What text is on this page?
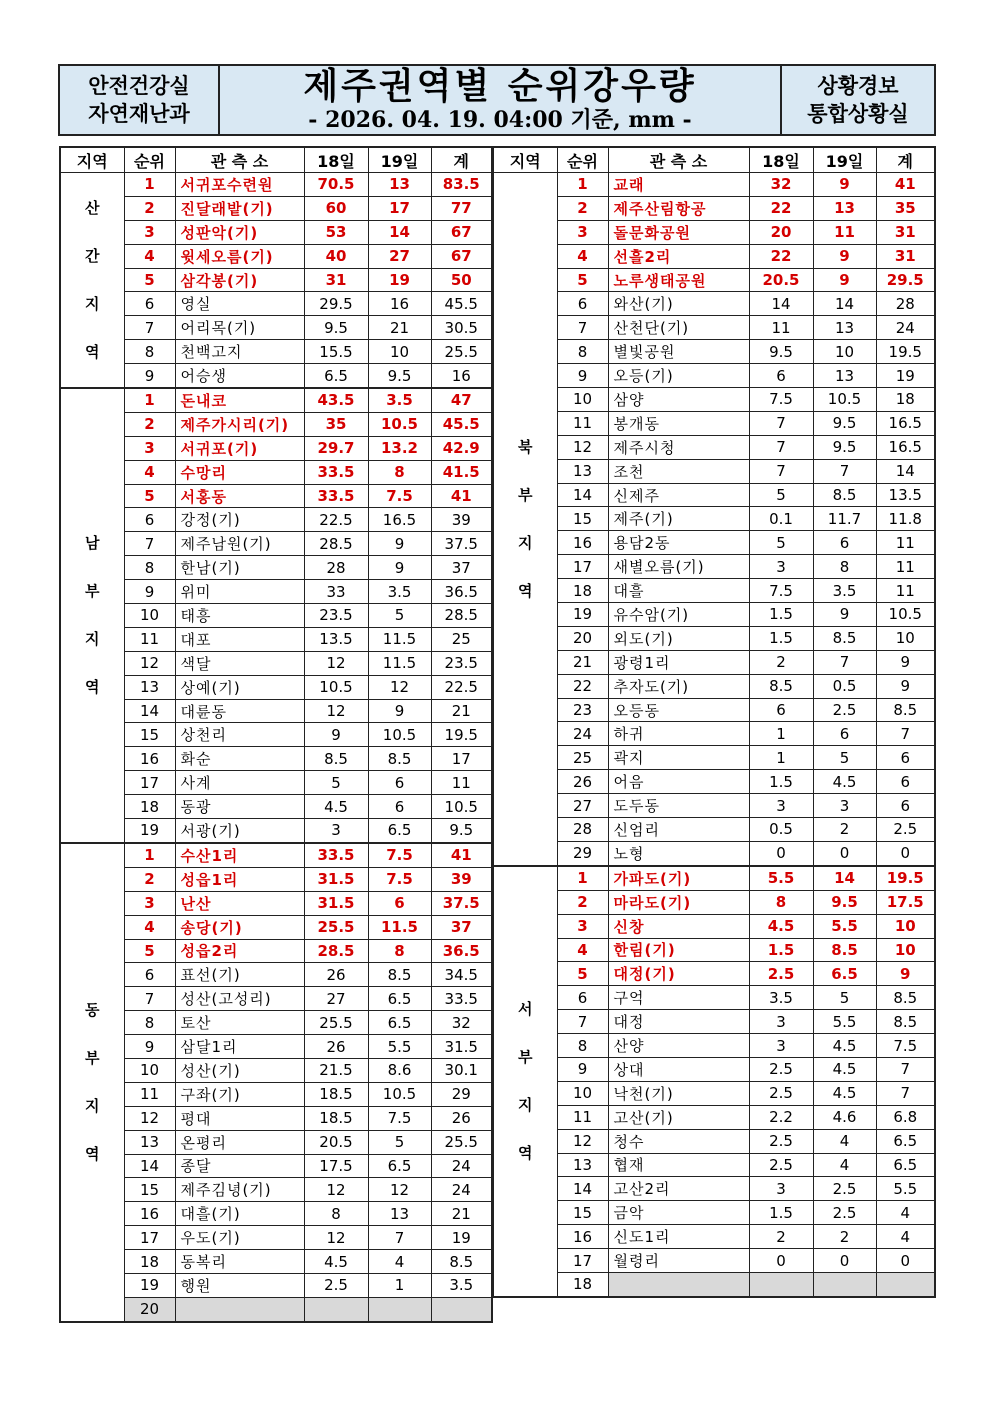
안전건강실
자연재난과
제주권역별 순위강우량
- 2026. 04. 19. 04:00 기준, mm -
상황경보
통합상황실
지역	순위	관 측 소	18일	19일	계

산
간
지
역	1	서귀포수련원	70.5	13	83.5
	2	진달래밭(기)	60	17	77
	3	성판악(기)	53	14	67
	4	윗세오름(기)	40	27	67
	5	삼각봉(기)	31	19	50
	6	영실	29.5	16	45.5
	7	어리목(기)	9.5	21	30.5
	8	천백고지	15.5	10	25.5
	9	어승생	6.5	9.5	16

남
부
지
역	1	돈내코	43.5	3.5	47
	2	제주가시리(기)	35	10.5	45.5
	3	서귀포(기)	29.7	13.2	42.9
	4	수망리	33.5	8	41.5
	5	서홍동	33.5	7.5	41
	6	강정(기)	22.5	16.5	39
	7	제주남원(기)	28.5	9	37.5
	8	한남(기)	28	9	37
	9	위미	33	3.5	36.5
	10	태흥	23.5	5	28.5
	11	대포	13.5	11.5	25
	12	색달	12	11.5	23.5
	13	상예(기)	10.5	12	22.5
	14	대륜동	12	9	21
	15	상천리	9	10.5	19.5
	16	화순	8.5	8.5	17
	17	사계	5	6	11
	18	동광	4.5	6	10.5
	19	서광(기)	3	6.5	9.5

동
부
지
역	1	수산1리	33.5	7.5	41
	2	성읍1리	31.5	7.5	39
	3	난산	31.5	6	37.5
	4	송당(기)	25.5	11.5	37
	5	성읍2리	28.5	8	36.5
	6	표선(기)	26	8.5	34.5
	7	성산(고성리)	27	6.5	33.5
	8	토산	25.5	6.5	32
	9	삼달1리	26	5.5	31.5
	10	성산(기)	21.5	8.6	30.1
	11	구좌(기)	18.5	10.5	29
	12	평대	18.5	7.5	26
	13	온평리	20.5	5	25.5
	14	종달	17.5	6.5	24
	15	제주김녕(기)	12	12	24
	16	대흘(기)	8	13	21
	17	우도(기)	12	7	19
	18	동복리	4.5	4	8.5
	19	행원	2.5	1	3.5
	20				
지역	순위	관 측 소	18일	19일	계

북
부
지
역	1	교래	32	9	41
	2	제주산림항공	22	13	35
	3	돌문화공원	20	11	31
	4	선흘2리	22	9	31
	5	노루생태공원	20.5	9	29.5
	6	와산(기)	14	14	28
	7	산천단(기)	11	13	24
	8	별빛공원	9.5	10	19.5
	9	오등(기)	6	13	19
	10	삼양	7.5	10.5	18
	11	봉개동	7	9.5	16.5
	12	제주시청	7	9.5	16.5
	13	조천	7	7	14
	14	신제주	5	8.5	13.5
	15	제주(기)	0.1	11.7	11.8
	16	용담2동	5	6	11
	17	새별오름(기)	3	8	11
	18	대흘	7.5	3.5	11
	19	유수암(기)	1.5	9	10.5
	20	외도(기)	1.5	8.5	10
	21	광령1리	2	7	9
	22	추자도(기)	8.5	0.5	9
	23	오등동	6	2.5	8.5
	24	하귀	1	6	7
	25	곽지	1	5	6
	26	어음	1.5	4.5	6
	27	도두동	3	3	6
	28	신엄리	0.5	2	2.5
	29	노형	0	0	0

서
부
지
역	1	가파도(기)	5.5	14	19.5
	2	마라도(기)	8	9.5	17.5
	3	신창	4.5	5.5	10
	4	한림(기)	1.5	8.5	10
	5	대정(기)	2.5	6.5	9
	6	구억	3.5	5	8.5
	7	대정	3	5.5	8.5
	8	산양	3	4.5	7.5
	9	상대	2.5	4.5	7
	10	낙천(기)	2.5	4.5	7
	11	고산(기)	2.2	4.6	6.8
	12	청수	2.5	4	6.5
	13	협재	2.5	4	6.5
	14	고산2리	3	2.5	5.5
	15	금악	1.5	2.5	4
	16	신도1리	2	2	4
	17	월령리	0	0	0
	18				
